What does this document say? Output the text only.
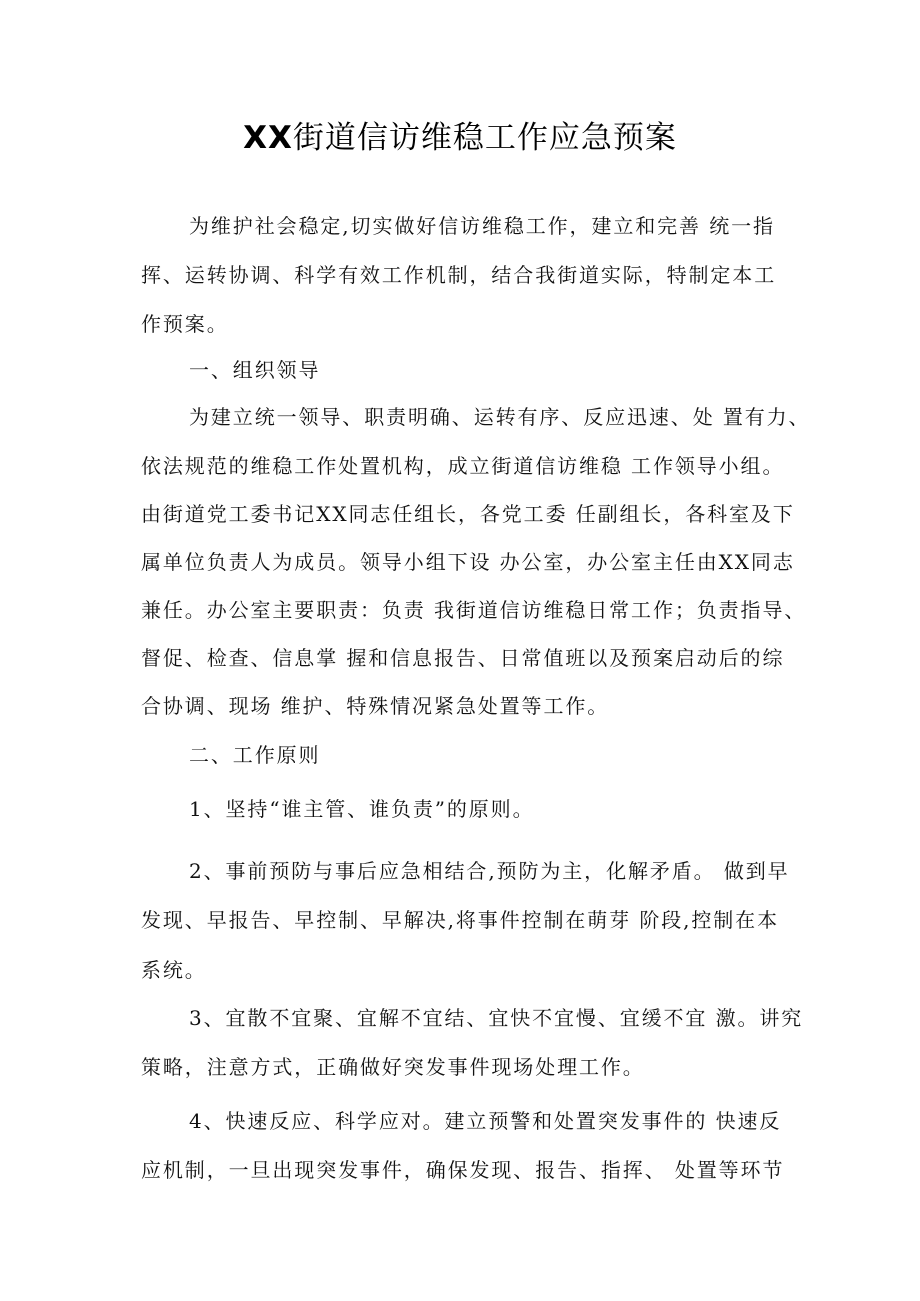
XX街道信访维稳工作应急预案
为维护社会稳定,切实做好信访维稳工作，建立和完善 统一指
挥、运转协调、科学有效工作机制，结合我街道实际，特制定本工
作预案。
一、组织领导
为建立统一领导、职责明确、运转有序、反应迅速、处 置有力、
依法规范的维稳工作处置机构，成立街道信访维稳 工作领导小组。
由街道党工委书记XX同志任组长，各党工委 任副组长，各科室及下
属单位负责人为成员。领导小组下设 办公室，办公室主任由XX同志
兼任。办公室主要职责：负责 我街道信访维稳日常工作；负责指导、
督促、检查、信息掌 握和信息报告、日常值班以及预案启动后的综
合协调、现场 维护、特殊情况紧急处置等工作。
二、工作原则
1、坚持“谁主管、谁负责”的原则。
2、事前预防与事后应急相结合,预防为主，化解矛盾。 做到早
发现、早报告、早控制、早解决,将事件控制在萌芽 阶段,控制在本
系统。
3、宜散不宜聚、宜解不宜结、宜快不宜慢、宜缓不宜 激。讲究
策略，注意方式，正确做好突发事件现场处理工作。
4、快速反应、科学应对。建立预警和处置突发事件的 快速反
应机制，一旦出现突发事件，确保发现、报告、指挥、 处置等环节
